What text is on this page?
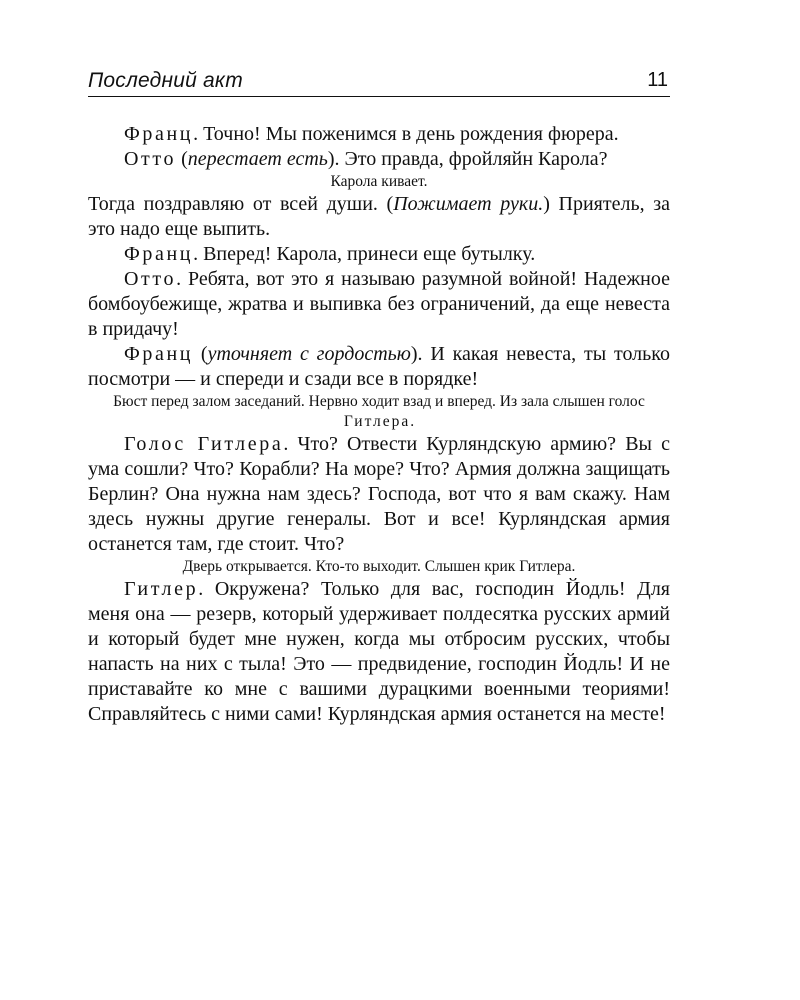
Последний акт	11

Франц. Точно! Мы поженимся в день рождения фюрера.

Отто (перестает есть). Это правда, фройляйн Карола?

Карола кивает.

Тогда поздравляю от всей души. (Пожимает руки.) Приятель, за это надо еще выпить.

Франц. Вперед! Карола, принеси еще бутылку.

Отто. Ребята, вот это я называю разумной войной! Надежное бомбоубежище, жратва и выпивка без ограничений, да еще невеста в придачу!

Франц (уточняет с гордостью). И какая невеста, ты только посмотри — и спереди и сзади все в порядке!

Бюст перед залом заседаний. Нервно ходит взад и вперед. Из зала слышен голос Гитлера.

Голос Гитлера. Что? Отвести Курляндскую армию? Вы с ума сошли? Что? Корабли? На море? Что? Армия должна защищать Берлин? Она нужна нам здесь? Господа, вот что я вам скажу. Нам здесь нужны другие генералы. Вот и все! Курляндская армия останется там, где стоит. Что?

Дверь открывается. Кто-то выходит. Слышен крик Гитлера.

Гитлер. Окружена? Только для вас, господин Йодль! Для меня она — резерв, который удерживает полдесятка русских армий и который будет мне нужен, когда мы отбросим русских, чтобы напасть на них с тыла! Это — предвидение, господин Йодль! И не приставайте ко мне с вашими дурацкими военными теориями! Справляйтесь с ними сами! Курляндская армия останется на месте!
